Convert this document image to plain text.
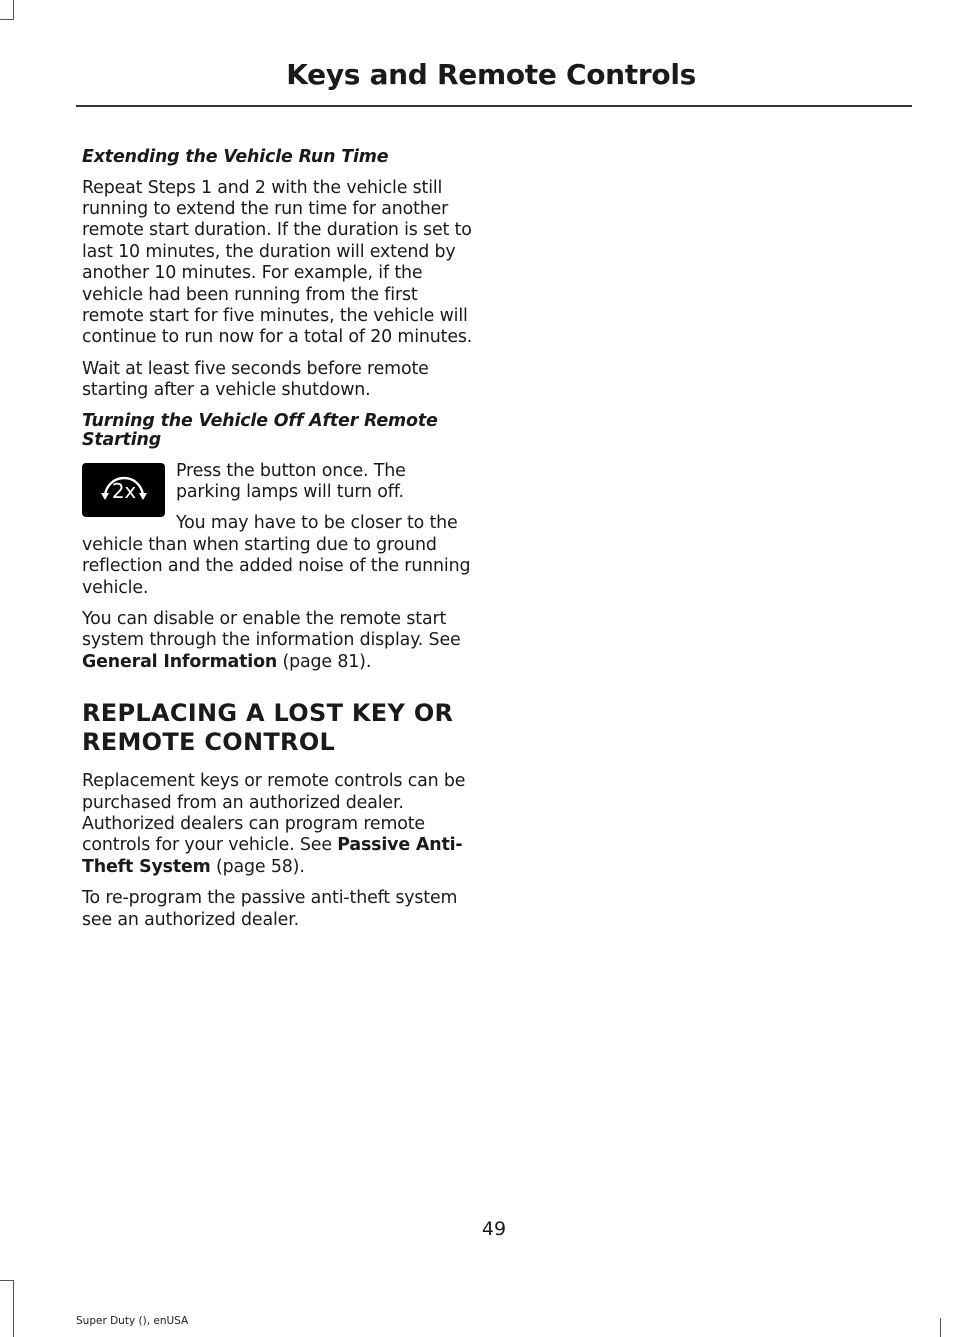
Keys and Remote Controls

Extending the Vehicle Run Time

Repeat Steps 1 and 2 with the vehicle still running to extend the run time for another remote start duration. If the duration is set to last 10 minutes, the duration will extend by another 10 minutes. For example, if the vehicle had been running from the first remote start for five minutes, the vehicle will continue to run now for a total of 20 minutes.

Wait at least five seconds before remote starting after a vehicle shutdown.

Turning the Vehicle Off After Remote Starting

2x

Press the button once. The parking lamps will turn off.

You may have to be closer to the vehicle than when starting due to ground reflection and the added noise of the running vehicle.

You can disable or enable the remote start system through the information display. See General Information (page 81).

REPLACING A LOST KEY OR
REMOTE CONTROL

Replacement keys or remote controls can be purchased from an authorized dealer. Authorized dealers can program remote controls for your vehicle. See Passive Anti-Theft System (page 58).

To re-program the passive anti-theft system see an authorized dealer.

49
Super Duty (), enUSA
